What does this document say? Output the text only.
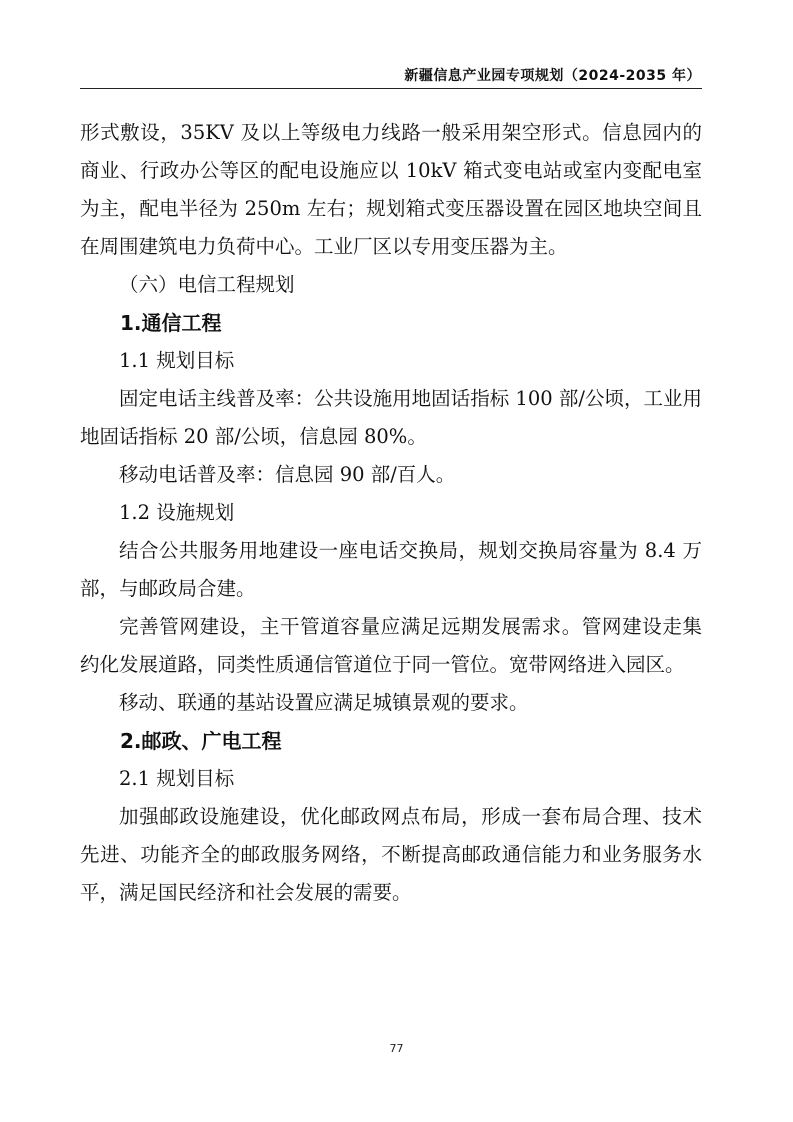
新疆信息产业园专项规划（2024-2035 年）

形式敷设，35KV 及以上等级电力线路一般采用架空形式。信息园内的商业、行政办公等区的配电设施应以 10kV 箱式变电站或室内变配电室为主，配电半径为 250m 左右；规划箱式变压器设置在园区地块空间且在周围建筑电力负荷中心。工业厂区以专用变压器为主。

（六）电信工程规划

1.通信工程

1.1 规划目标

固定电话主线普及率：公共设施用地固话指标 100 部/公顷，工业用地固话指标 20 部/公顷，信息园 80%。

移动电话普及率：信息园 90 部/百人。

1.2 设施规划

结合公共服务用地建设一座电话交换局，规划交换局容量为 8.4 万部，与邮政局合建。

完善管网建设，主干管道容量应满足远期发展需求。管网建设走集约化发展道路，同类性质通信管道位于同一管位。宽带网络进入园区。

移动、联通的基站设置应满足城镇景观的要求。

2.邮政、广电工程

2.1 规划目标

加强邮政设施建设，优化邮政网点布局，形成一套布局合理、技术先进、功能齐全的邮政服务网络，不断提高邮政通信能力和业务服务水平，满足国民经济和社会发展的需要。

77
